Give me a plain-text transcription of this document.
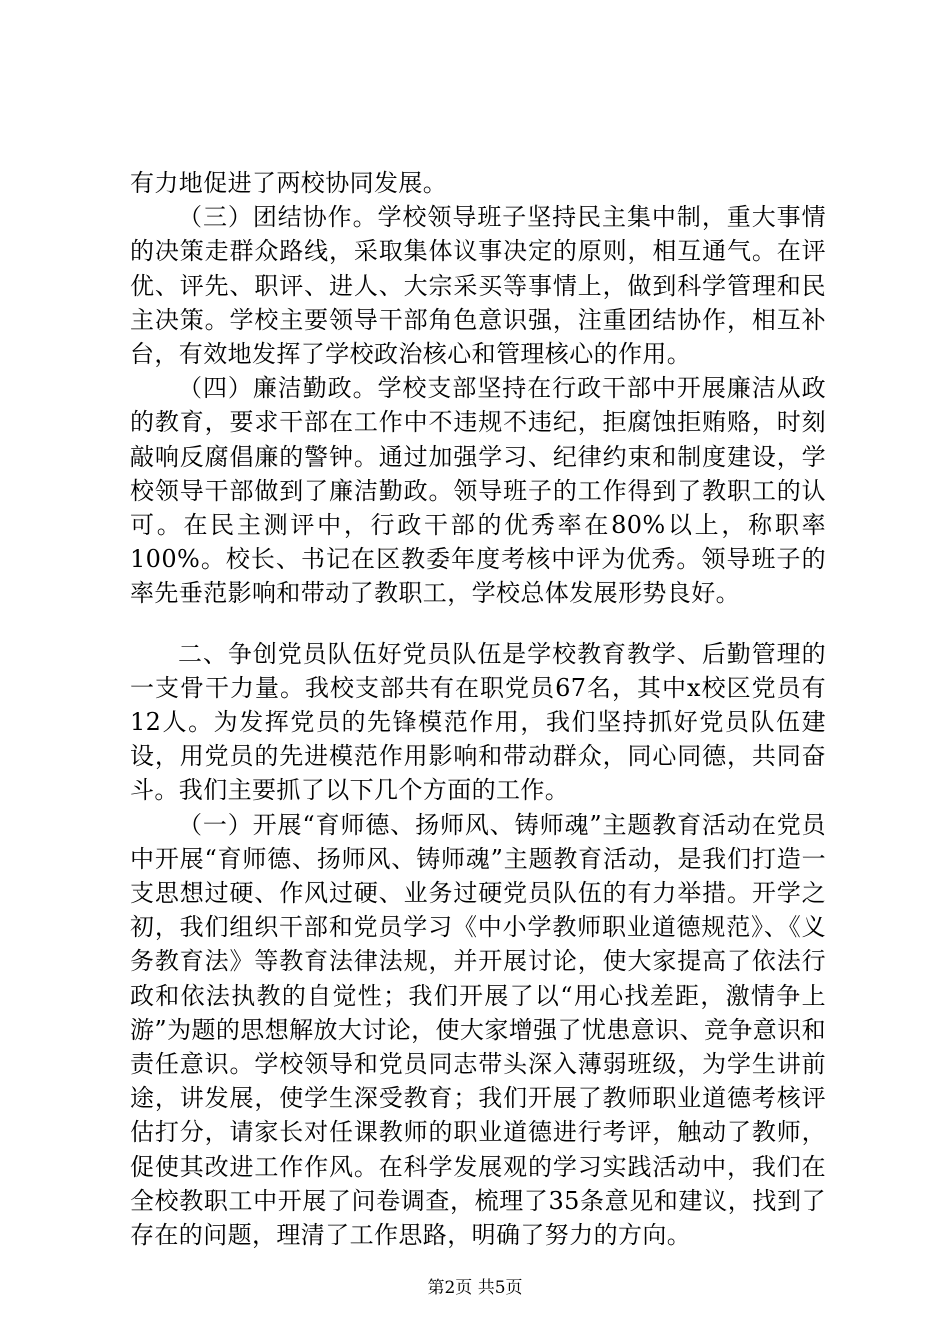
有力地促进了两校协同发展。

（三）团结协作。学校领导班子坚持民主集中制，重大事情的决策走群众路线，采取集体议事决定的原则，相互通气。在评优、评先、职评、进人、大宗采买等事情上，做到科学管理和民主决策。学校主要领导干部角色意识强，注重团结协作，相互补台，有效地发挥了学校政治核心和管理核心的作用。

（四）廉洁勤政。学校支部坚持在行政干部中开展廉洁从政的教育，要求干部在工作中不违规不违纪，拒腐蚀拒贿赂，时刻敲响反腐倡廉的警钟。通过加强学习、纪律约束和制度建设，学校领导干部做到了廉洁勤政。领导班子的工作得到了教职工的认可。在民主测评中，行政干部的优秀率在80%以上，称职率100%。校长、书记在区教委年度考核中评为优秀。领导班子的率先垂范影响和带动了教职工，学校总体发展形势良好。

二、争创党员队伍好党员队伍是学校教育教学、后勤管理的一支骨干力量。我校支部共有在职党员67名，其中x校区党员有12人。为发挥党员的先锋模范作用，我们坚持抓好党员队伍建设，用党员的先进模范作用影响和带动群众，同心同德，共同奋斗。我们主要抓了以下几个方面的工作。

（一）开展“育师德、扬师风、铸师魂”主题教育活动在党员中开展“育师德、扬师风、铸师魂”主题教育活动，是我们打造一支思想过硬、作风过硬、业务过硬党员队伍的有力举措。开学之初，我们组织干部和党员学习《中小学教师职业道德规范》、《义务教育法》等教育法律法规，并开展讨论，使大家提高了依法行政和依法执教的自觉性；我们开展了以“用心找差距，激情争上游”为题的思想解放大讨论，使大家增强了忧患意识、竞争意识和责任意识。学校领导和党员同志带头深入薄弱班级，为学生讲前途，讲发展，使学生深受教育；我们开展了教师职业道德考核评估打分，请家长对任课教师的职业道德进行考评，触动了教师，促使其改进工作作风。在科学发展观的学习实践活动中，我们在全校教职工中开展了问卷调查，梳理了35条意见和建议，找到了存在的问题，理清了工作思路，明确了努力的方向。

第2页 共5页
